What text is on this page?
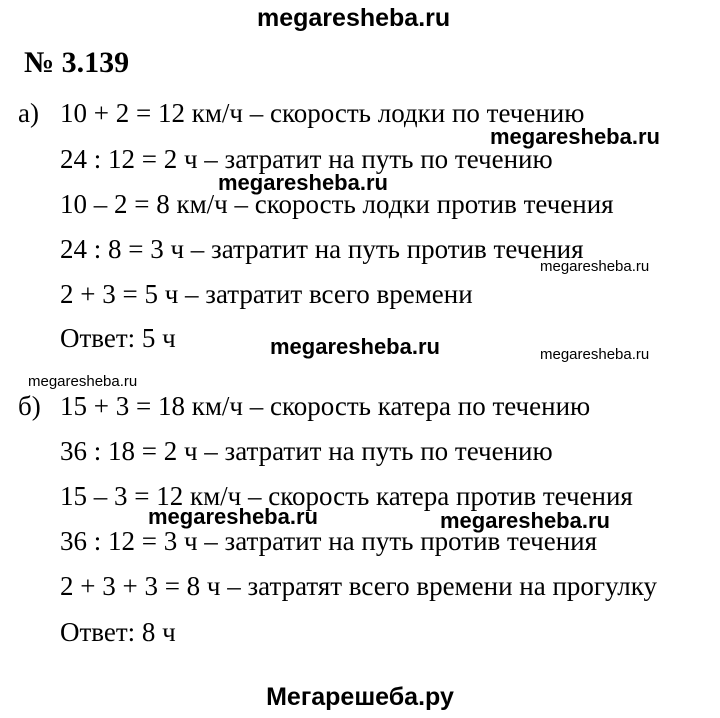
megaresheba.ru
№ 3.139
а) 10 + 2 = 12 км/ч – скорость лодки по течению
24 : 12 = 2 ч – затратит на путь по течению
10 – 2 = 8 км/ч – скорость лодки против течения
24 : 8 = 3 ч – затратит на путь против течения
2 + 3 = 5 ч – затратит всего времени
Ответ: 5 ч
б) 15 + 3 = 18 км/ч – скорость катера по течению
36 : 18 = 2 ч – затратит на путь по течению
15 – 3 = 12 км/ч – скорость катера против течения
36 : 12 = 3 ч – затратит на путь против течения
2 + 3 + 3 = 8 ч – затратят всего времени на прогулку
Ответ: 8 ч
megaresheba.ru
megaresheba.ru
megaresheba.ru
megaresheba.ru	megaresheba.ru
megaresheba.ru
megaresheba.ru	megaresheba.ru
Мегарешеба.ру
